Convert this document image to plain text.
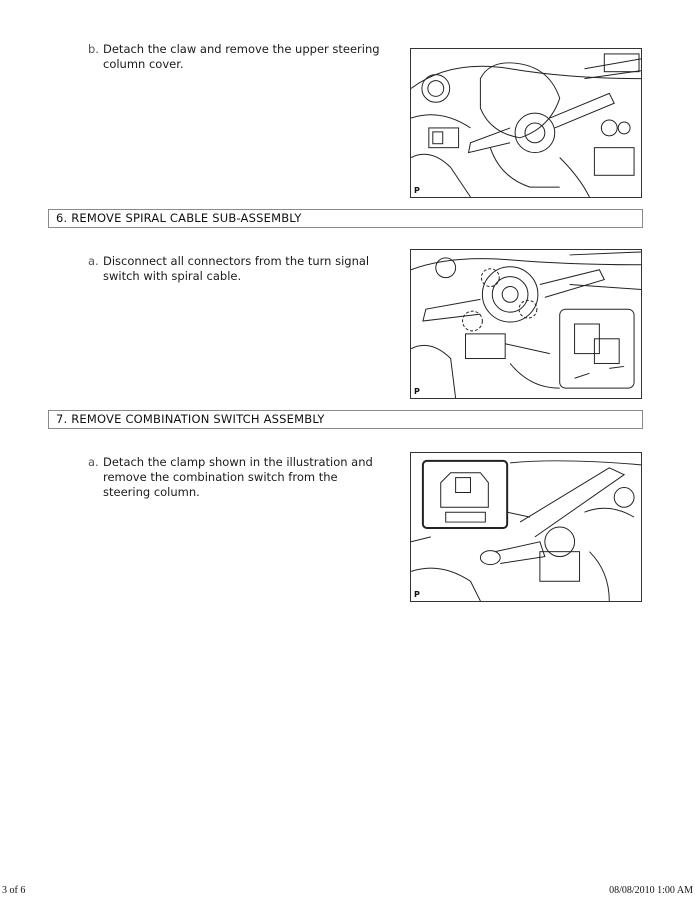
b. Detach the claw and remove the upper steering column cover.
P
6. REMOVE SPIRAL CABLE SUB-ASSEMBLY
a. Disconnect all connectors from the turn signal switch with spiral cable.
P
7. REMOVE COMBINATION SWITCH ASSEMBLY
a. Detach the clamp shown in the illustration and remove the combination switch from the steering column.
P
3 of 6	08/08/2010 1:00 AM
